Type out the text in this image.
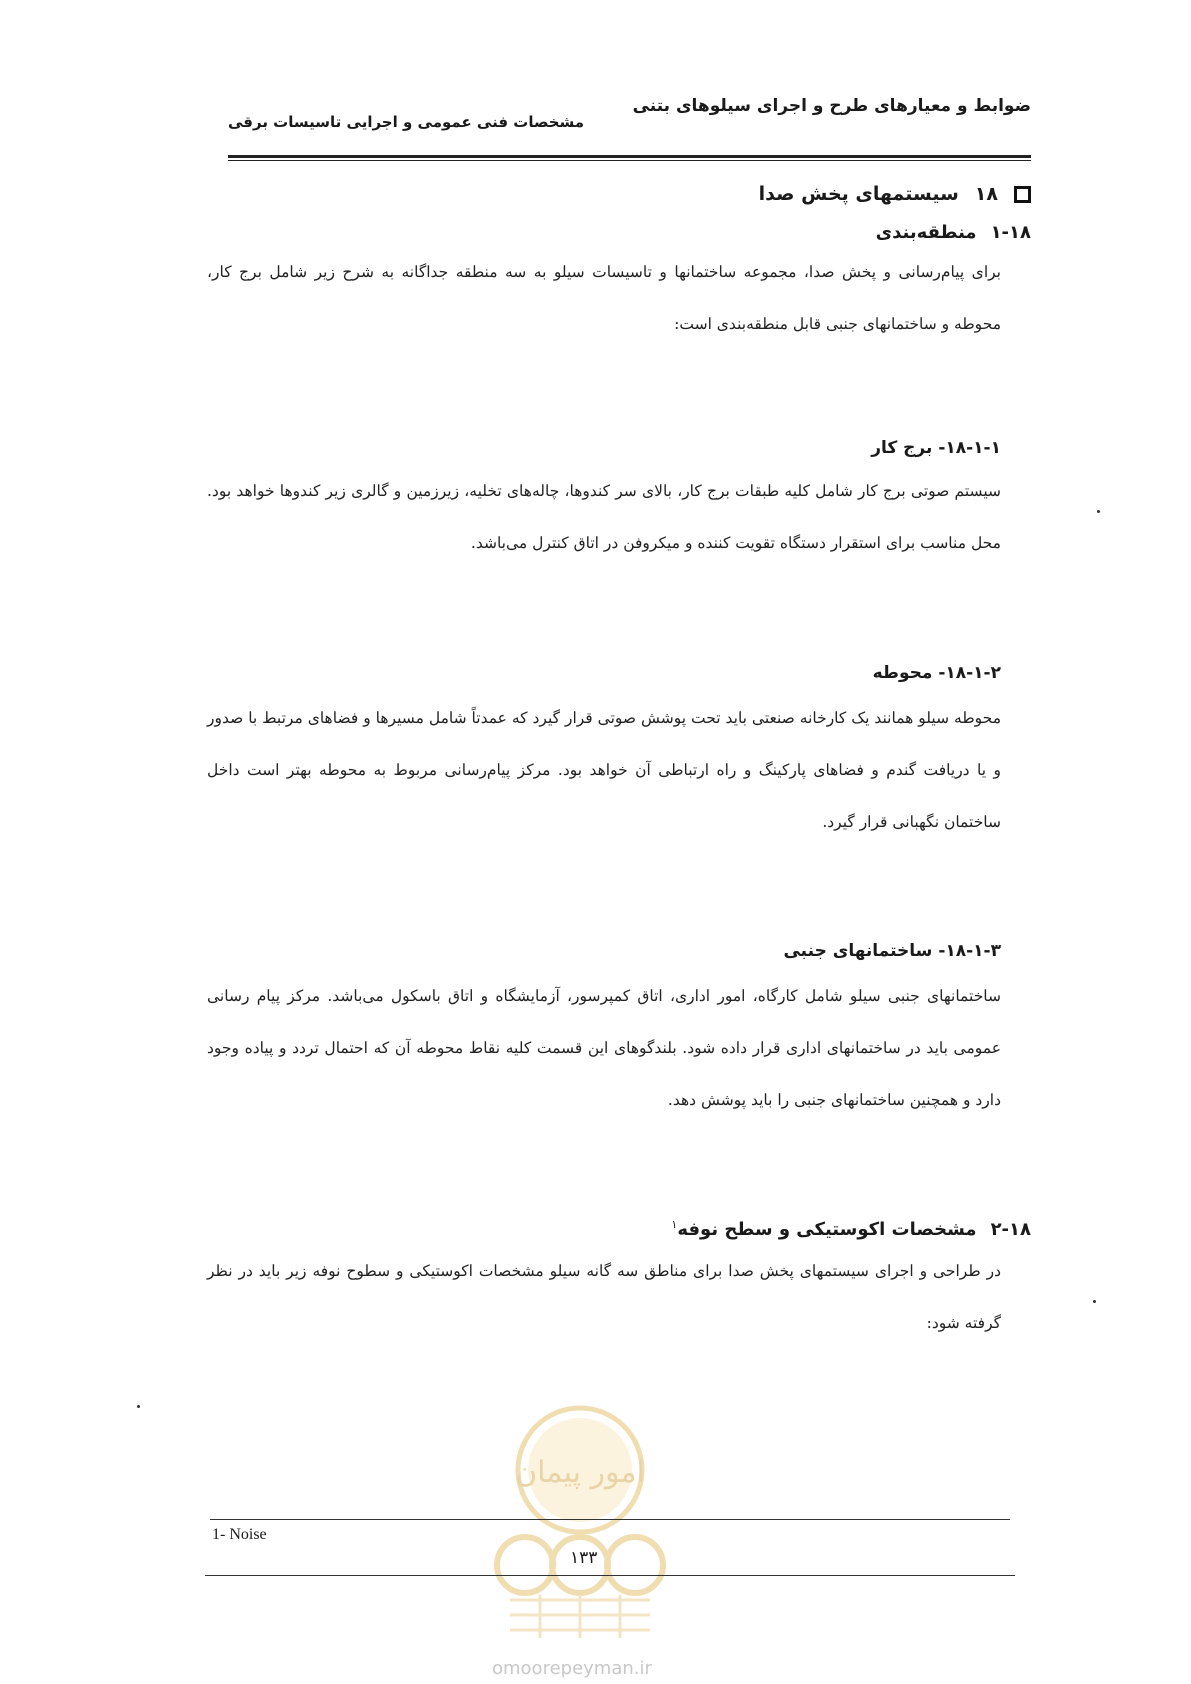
ضوابط و معیارهای طرح و اجرای سیلوهای بتنی
مشخصات فنی عمومی و اجرایی تاسیسات برقی
۱۸
سیستمهای پخش صدا
۱-۱۸منطقه‌بندی
برای پیام‌رسانی و پخش صدا، مجموعه ساختمانها و تاسیسات سیلو به سه منطقه جداگانه به شرح زیر شامل برج کار، محوطه و ساختمانهای جنبی قابل منطقه‌بندی است:
۱۸-۱-۱- برج کار
سیستم صوتی برج کار شامل کلیه طبقات برج کار، بالای سر کندوها، چاله‌های تخلیه، زیرزمین و گالری زیر کندوها خواهد بود. محل مناسب برای استقرار دستگاه تقویت کننده و میکروفن در اتاق کنترل می‌باشد.
۱۸-۱-۲- محوطه
محوطه سیلو همانند یک کارخانه صنعتی باید تحت پوشش صوتی قرار گیرد که عمدتاً شامل مسیرها و فضاهای مرتبط با صدور و یا دریافت گندم و فضاهای پارکینگ و راه ارتباطی آن خواهد بود. مرکز پیام‌رسانی مربوط به محوطه بهتر است داخل ساختمان نگهبانی قرار گیرد.
۱۸-۱-۳- ساختمانهای جنبی
ساختمانهای جنبی سیلو شامل کارگاه، امور اداری، اتاق کمپرسور، آزمایشگاه و اتاق باسکول می‌باشد. مرکز پیام رسانی عمومی باید در ساختمانهای اداری قرار داده شود. بلندگوهای این قسمت کلیه نقاط محوطه آن که احتمال تردد و پیاده وجود دارد و همچنین ساختمانهای جنبی را باید پوشش دهد.
۲-۱۸مشخصات اکوستیکی و سطح نوفه$^۱$
در طراحی و اجرای سیستمهای پخش صدا برای مناطق سه گانه سیلو مشخصات اکوستیکی و سطوح نوفه زیر باید در نظر گرفته شود:
امور پیمان
1- Noise
۱۳۳
omoorepeyman.ir
